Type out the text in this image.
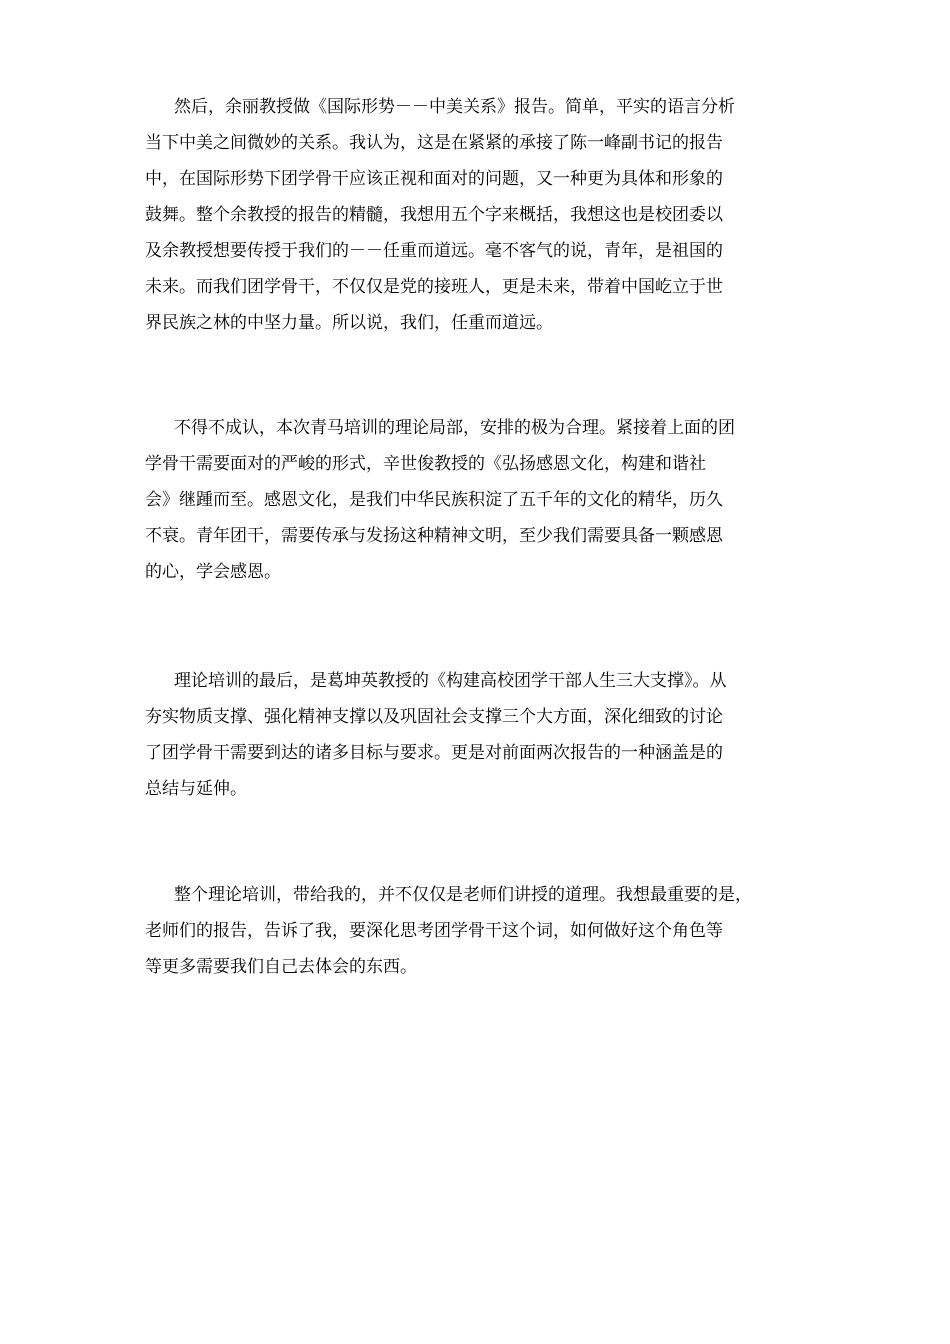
然后，余丽教授做《国际形势－－中美关系》报告。简单，平实的语言分析
当下中美之间微妙的关系。我认为，这是在紧紧的承接了陈一峰副书记的报告
中，在国际形势下团学骨干应该正视和面对的问题，又一种更为具体和形象的
鼓舞。整个余教授的报告的精髓，我想用五个字来概括，我想这也是校团委以
及余教授想要传授于我们的－－任重而道远。毫不客气的说，青年，是祖国的
未来。而我们团学骨干，不仅仅是党的接班人，更是未来，带着中国屹立于世
界民族之林的中坚力量。所以说，我们，任重而道远。
不得不成认，本次青马培训的理论局部，安排的极为合理。紧接着上面的团
学骨干需要面对的严峻的形式，辛世俊教授的《弘扬感恩文化，构建和谐社
会》继踵而至。感恩文化，是我们中华民族积淀了五千年的文化的精华，历久
不衰。青年团干，需要传承与发扬这种精神文明，至少我们需要具备一颗感恩
的心，学会感恩。
理论培训的最后，是葛坤英教授的《构建高校团学干部人生三大支撑》。从
夯实物质支撑、强化精神支撑以及巩固社会支撑三个大方面，深化细致的讨论
了团学骨干需要到达的诸多目标与要求。更是对前面两次报告的一种涵盖是的
总结与延伸。
整个理论培训，带给我的，并不仅仅是老师们讲授的道理。我想最重要的是，
老师们的报告，告诉了我，要深化思考团学骨干这个词，如何做好这个角色等
等更多需要我们自己去体会的东西。
